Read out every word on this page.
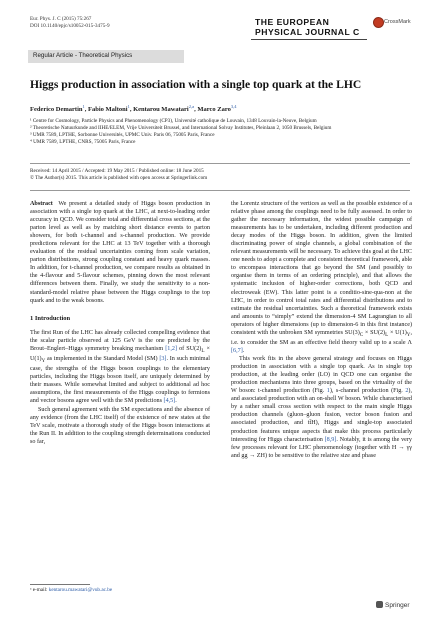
Eur. Phys. J. C (2015) 75:267
DOI 10.1140/epjc/s10052-015-3475-9	THE EUROPEAN
PHYSICAL JOURNAL C
CrossMark
Regular Article - Theoretical Physics
Higgs production in association with a single top quark at the LHC
Federico Demartin$^1$, Fabio Maltoni$^1$, Kentarou Mawatari$^{2,a}$, Marco Zaro$^{3,4}$
¹ Centre for Cosmology, Particle Physics and Phenomenology (CP3), Université catholique de Louvain, 1348 Louvain-la-Neuve, Belgium
² Theoretische Natuurkunde and IIHE/ELEM, Vrije Universiteit Brussel, and International Solvay Institutes, Pleinlaan 2, 1050 Brussels, Belgium
³ UMR 7589, LPTHE, Sorbonne Universités, UPMC Univ. Paris 06, 75005 Paris, France
⁴ UMR 7589, LPTHE, CNRS, 75005 Paris, France
Received: 14 April 2015 / Accepted: 19 May 2015 / Published online: 18 June 2015
© The Author(s) 2015. This article is published with open access at Springerlink.com

Abstract We present a detailed study of Higgs boson production in association with a single top quark at the LHC, at next-to-leading order accuracy in QCD. We consider total and differential cross sections, at the parton level as well as by matching short distance events to parton showers, for both t-channel and s-channel production. We provide predictions relevant for the LHC at 13 TeV together with a thorough evaluation of the residual uncertainties coming from scale variation, parton distributions, strong coupling constant and heavy quark masses. In addition, for t-channel production, we compare results as obtained in the 4-flavour and 5-flavour schemes, pinning down the most relevant differences between them. Finally, we study the sensitivity to a non-standard-model relative phase between the Higgs couplings to the top quark and to the weak bosons.

1 Introduction

The first Run of the LHC has already collected compelling evidence that the scalar particle observed at 125 GeV is the one predicted by the Brout–Englert–Higgs symmetry breaking mechanism [1,2] of $SU(2)_L \times U(1)_Y$ as implemented in the Standard Model (SM) [3]. In such minimal case, the strengths of the Higgs boson couplings to the elementary particles, including the Higgs boson itself, are uniquely determined by their masses. While somewhat limited and subject to additional ad hoc assumptions, the first measurements of the Higgs couplings to fermions and vector bosons agree well with the SM predictions [4,5].

Such general agreement with the SM expectations and the absence of any evidence (from the LHC itself) of the existence of new states at the TeV scale, motivate a thorough study of the Higgs boson interactions at the Run II. In addition to the coupling strength determinations conducted so far,

the Lorentz structure of the vertices as well as the possible existence of a relative phase among the couplings need to be fully assessed. In order to gather the necessary information, the widest possible campaign of measurements has to be undertaken, including different production and decay modes of the Higgs boson. In addition, given the limited discriminating power of single channels, a global combination of the relevant measurements will be necessary. To achieve this goal at the LHC one needs to adopt a complete and consistent theoretical framework, able to encompass interactions that go beyond the SM (and possibly to organise them in terms of an ordering principle), and that allows the systematic inclusion of higher-order corrections, both QCD and electroweak (EW). This latter point is a conditio-sine-qua-non at the LHC, in order to control total rates and differential distributions and to estimate the residual uncertainties. Such a theoretical framework exists and amounts to “simply” extend the dimension-4 SM Lagrangian to all operators of higher dimensions (up to dimension-6 in this first instance) consistent with the unbroken SM symmetries $SU(3)_C \times SU(2)_L \times U(1)_Y$, i.e. to consider the SM as an effective field theory valid up to a scale Λ [6,7].

This work fits in the above general strategy and focuses on Higgs production in association with a single top quark. As in single top production, at the leading order (LO) in QCD one can organise the production mechanisms into three groups, based on the virtuality of the W boson: t-channel production (Fig. 1), s-channel production (Fig. 2), and associated production with an on-shell W boson. While characterised by a rather small cross section with respect to the main single Higgs production channels (gluon–gluon fusion, vector boson fusion and associated production, and tt̄H), Higgs and single-top associated production features unique aspects that make this process particularly interesting for Higgs characterisation [8,9]. Notably, it is among the very few processes relevant for LHC phenomenology (together with H → γγ and gg → ZH) to be sensitive to the relative size and phase

ᵃ e-mail: kentarou.mawatari@vub.ac.be
Springer
